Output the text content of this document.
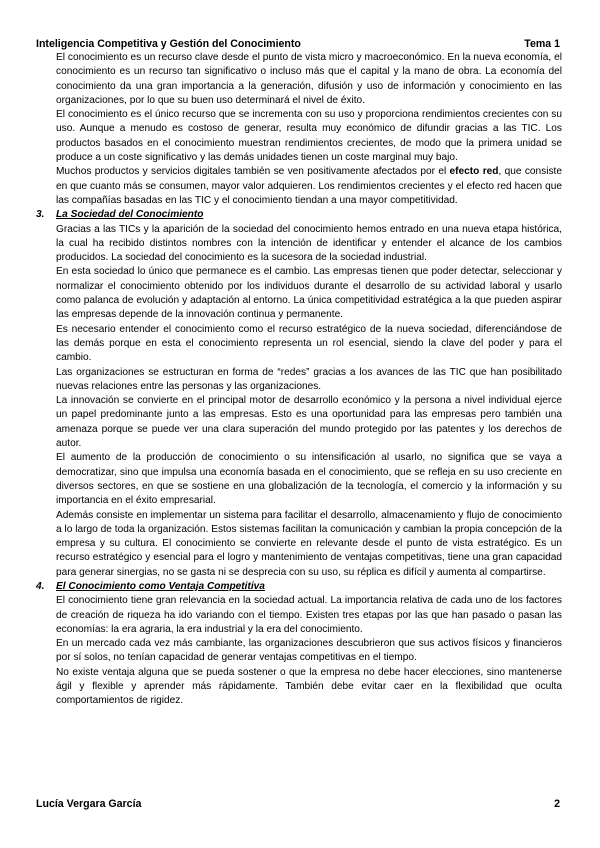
Inteligencia Competitiva y Gestión del Conocimiento	Tema 1

El conocimiento es un recurso clave desde el punto de vista micro y macroeconómico. En la nueva economía, el conocimiento es un recurso tan significativo o incluso más que el capital y la mano de obra. La economía del conocimiento da una gran importancia a la generación, difusión y uso de información y conocimiento en las organizaciones, por lo que su buen uso determinará el nivel de éxito.

El conocimiento es el único recurso que se incrementa con su uso y proporciona rendimientos crecientes con su uso. Aunque a menudo es costoso de generar, resulta muy económico de difundir gracias a las TIC. Los productos basados en el conocimiento muestran rendimientos crecientes, de modo que la primera unidad se produce a un coste significativo y las demás unidades tienen un coste marginal muy bajo.

Muchos productos y servicios digitales también se ven positivamente afectados por el efecto red, que consiste en que cuanto más se consumen, mayor valor adquieren. Los rendimientos crecientes y el efecto red hacen que las compañías basadas en las TIC y el conocimiento tiendan a una mayor competitividad.

3. La Sociedad del Conocimiento

Gracias a las TICs y la aparición de la sociedad del conocimiento hemos entrado en una nueva etapa histórica, la cual ha recibido distintos nombres con la intención de identificar y entender el alcance de los cambios producidos. La sociedad del conocimiento es la sucesora de la sociedad industrial.

En esta sociedad lo único que permanece es el cambio. Las empresas tienen que poder detectar, seleccionar y normalizar el conocimiento obtenido por los individuos durante el desarrollo de su actividad laboral y usarlo como palanca de evolución y adaptación al entorno. La única competitividad estratégica a la que pueden aspirar las empresas depende de la innovación continua y permanente.

Es necesario entender el conocimiento como el recurso estratégico de la nueva sociedad, diferenciándose de las demás porque en esta el conocimiento representa un rol esencial, siendo la clave del poder y para el cambio.

Las organizaciones se estructuran en forma de “redes” gracias a los avances de las TIC que han posibilitado nuevas relaciones entre las personas y las organizaciones.

La innovación se convierte en el principal motor de desarrollo económico y la persona a nivel individual ejerce un papel predominante junto a las empresas. Esto es una oportunidad para las empresas pero también una amenaza porque se puede ver una clara superación del mundo protegido por las patentes y los derechos de autor.

El aumento de la producción de conocimiento o su intensificación al usarlo, no significa que se vaya a democratizar, sino que impulsa una economía basada en el conocimiento, que se refleja en su uso creciente en diversos sectores, en que se sostiene en una globalización de la tecnología, el comercio y la información y su importancia en el éxito empresarial.

Además consiste en implementar un sistema para facilitar el desarrollo, almacenamiento y flujo de conocimiento a lo largo de toda la organización. Estos sistemas facilitan la comunicación y cambian la propia concepción de la empresa y su cultura. El conocimiento se convierte en relevante desde el punto de vista estratégico. Es un recurso estratégico y esencial para el logro y mantenimiento de ventajas competitivas, tiene una gran capacidad para generar sinergias, no se gasta ni se desprecia con su uso, su réplica es difícil y aumenta al compartirse.

4. El Conocimiento como Ventaja Competitiva

El conocimiento tiene gran relevancia en la sociedad actual. La importancia relativa de cada uno de los factores de creación de riqueza ha ido variando con el tiempo. Existen tres etapas por las que han pasado o pasan las economías: la era agraria, la era industrial y la era del conocimiento.

En un mercado cada vez más cambiante, las organizaciones descubrieron que sus activos físicos y financieros por sí solos, no tenían capacidad de generar ventajas competitivas en el tiempo.

No existe ventaja alguna que se pueda sostener o que la empresa no debe hacer elecciones, sino mantenerse ágil y flexible y aprender más rápidamente. También debe evitar caer en la flexibilidad que oculta comportamientos de rigidez.

Lucía Vergara García	2
